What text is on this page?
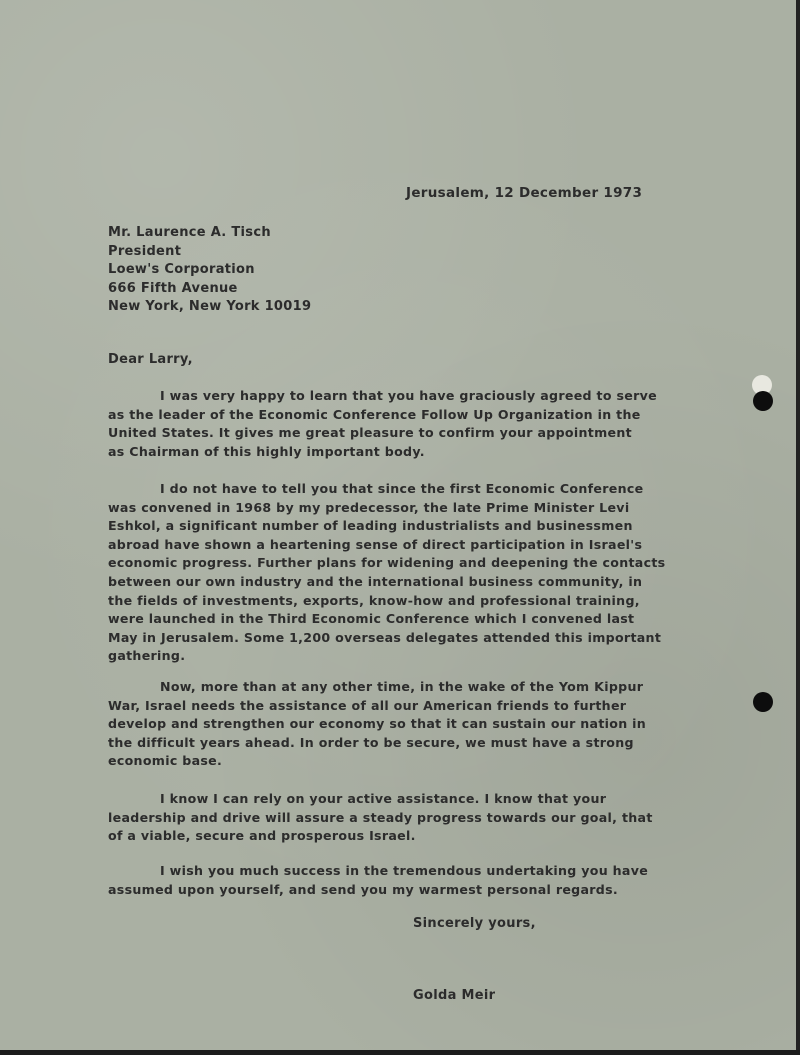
Jerusalem, 12 December 1973
Mr. Laurence A. Tisch
President
Loew's Corporation
666 Fifth Avenue
New York, New York 10019
Dear Larry,
I was very happy to learn that you have graciously agreed to serve
as the leader of the Economic Conference Follow Up Organization in the
United States. It gives me great pleasure to confirm your appointment
as Chairman of this highly important body.
I do not have to tell you that since the first Economic Conference
was convened in 1968 by my predecessor, the late Prime Minister Levi
Eshkol, a significant number of leading industrialists and businessmen
abroad have shown a heartening sense of direct participation in Israel's
economic progress. Further plans for widening and deepening the contacts
between our own industry and the international business community, in
the fields of investments, exports, know-how and professional training,
were launched in the Third Economic Conference which I convened last
May in Jerusalem. Some 1,200 overseas delegates attended this important
gathering.
Now, more than at any other time, in the wake of the Yom Kippur
War, Israel needs the assistance of all our American friends to further
develop and strengthen our economy so that it can sustain our nation in
the difficult years ahead. In order to be secure, we must have a strong
economic base.
I know I can rely on your active assistance. I know that your
leadership and drive will assure a steady progress towards our goal, that
of a viable, secure and prosperous Israel.
I wish you much success in the tremendous undertaking you have
assumed upon yourself, and send you my warmest personal regards.
Sincerely yours,
Golda Meir
